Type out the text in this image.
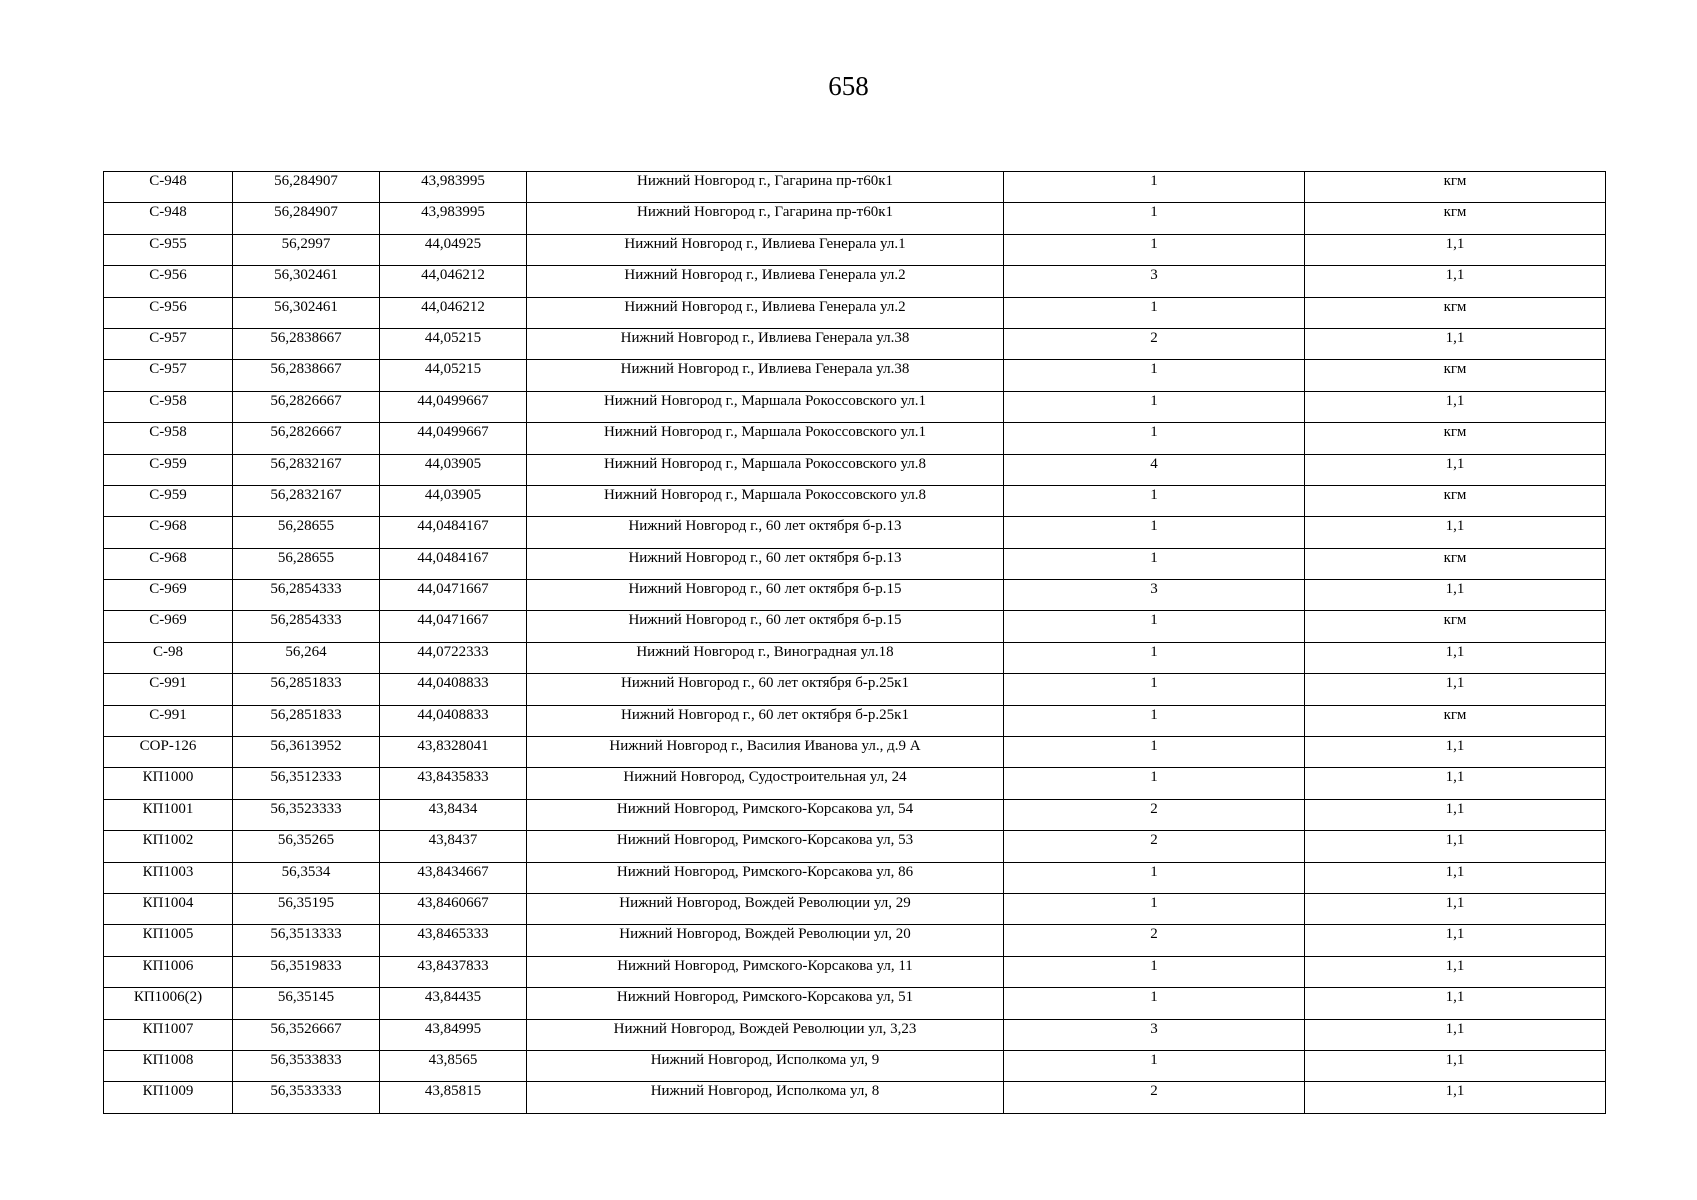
658
С-948	56,284907	43,983995	Нижний Новгород г., Гагарина пр-т60к1	1	кгм
С-948	56,284907	43,983995	Нижний Новгород г., Гагарина пр-т60к1	1	кгм
С-955	56,2997	44,04925	Нижний Новгород г., Ивлиева Генерала ул.1	1	1,1
С-956	56,302461	44,046212	Нижний Новгород г., Ивлиева Генерала ул.2	3	1,1
С-956	56,302461	44,046212	Нижний Новгород г., Ивлиева Генерала ул.2	1	кгм
С-957	56,2838667	44,05215	Нижний Новгород г., Ивлиева Генерала ул.38	2	1,1
С-957	56,2838667	44,05215	Нижний Новгород г., Ивлиева Генерала ул.38	1	кгм
С-958	56,2826667	44,0499667	Нижний Новгород г., Маршала Рокоссовского ул.1	1	1,1
С-958	56,2826667	44,0499667	Нижний Новгород г., Маршала Рокоссовского ул.1	1	кгм
С-959	56,2832167	44,03905	Нижний Новгород г., Маршала Рокоссовского ул.8	4	1,1
С-959	56,2832167	44,03905	Нижний Новгород г., Маршала Рокоссовского ул.8	1	кгм
С-968	56,28655	44,0484167	Нижний Новгород г., 60 лет октября б-р.13	1	1,1
С-968	56,28655	44,0484167	Нижний Новгород г., 60 лет октября б-р.13	1	кгм
С-969	56,2854333	44,0471667	Нижний Новгород г., 60 лет октября б-р.15	3	1,1
С-969	56,2854333	44,0471667	Нижний Новгород г., 60 лет октября б-р.15	1	кгм
С-98	56,264	44,0722333	Нижний Новгород г., Виноградная ул.18	1	1,1
С-991	56,2851833	44,0408833	Нижний Новгород г., 60 лет октября б-р.25к1	1	1,1
С-991	56,2851833	44,0408833	Нижний Новгород г., 60 лет октября б-р.25к1	1	кгм
СОР-126	56,3613952	43,8328041	Нижний Новгород г., Василия Иванова ул., д.9 А	1	1,1
КП1000	56,3512333	43,8435833	Нижний Новгород, Судостроительная ул, 24	1	1,1
КП1001	56,3523333	43,8434	Нижний Новгород, Римского-Корсакова ул, 54	2	1,1
КП1002	56,35265	43,8437	Нижний Новгород, Римского-Корсакова ул, 53	2	1,1
КП1003	56,3534	43,8434667	Нижний Новгород, Римского-Корсакова ул, 86	1	1,1
КП1004	56,35195	43,8460667	Нижний Новгород, Вождей Революции ул, 29	1	1,1
КП1005	56,3513333	43,8465333	Нижний Новгород, Вождей Революции ул, 20	2	1,1
КП1006	56,3519833	43,8437833	Нижний Новгород, Римского-Корсакова ул, 11	1	1,1
КП1006(2)	56,35145	43,84435	Нижний Новгород, Римского-Корсакова ул, 51	1	1,1
КП1007	56,3526667	43,84995	Нижний Новгород, Вождей Революции ул, 3,23	3	1,1
КП1008	56,3533833	43,8565	Нижний Новгород, Исполкома ул, 9	1	1,1
КП1009	56,3533333	43,85815	Нижний Новгород, Исполкома ул, 8	2	1,1
